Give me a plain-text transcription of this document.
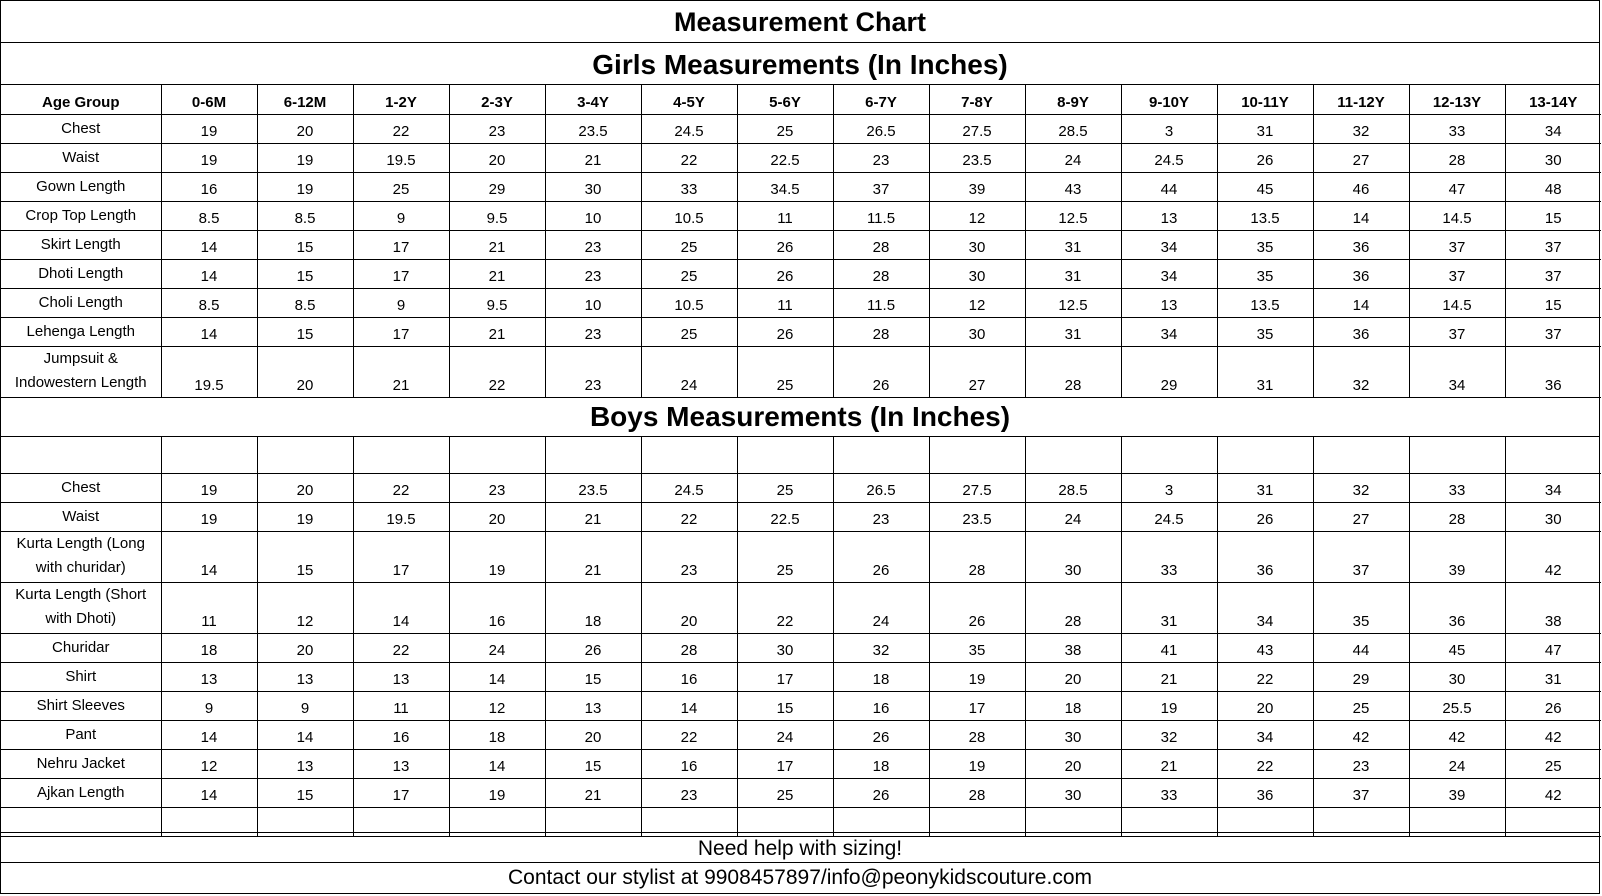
Measurement Chart
Girls Measurements (In Inches)
Age Group	0-6M	6-12M	1-2Y	2-3Y	3-4Y	4-5Y	5-6Y	6-7Y	7-8Y	8-9Y	9-10Y	10-11Y	11-12Y	12-13Y	13-14Y
Chest	19	20	22	23	23.5	24.5	25	26.5	27.5	28.5	3	31	32	33	34
Waist	19	19	19.5	20	21	22	22.5	23	23.5	24	24.5	26	27	28	30
Gown Length	16	19	25	29	30	33	34.5	37	39	43	44	45	46	47	48
Crop Top Length	8.5	8.5	9	9.5	10	10.5	11	11.5	12	12.5	13	13.5	14	14.5	15
Skirt Length	14	15	17	21	23	25	26	28	30	31	34	35	36	37	37
Dhoti Length	14	15	17	21	23	25	26	28	30	31	34	35	36	37	37
Choli Length	8.5	8.5	9	9.5	10	10.5	11	11.5	12	12.5	13	13.5	14	14.5	15
Lehenga Length	14	15	17	21	23	25	26	28	30	31	34	35	36	37	37
Jumpsuit & Indowestern Length	19.5	20	21	22	23	24	25	26	27	28	29	31	32	34	36
Boys Measurements (In Inches)

Chest	19	20	22	23	23.5	24.5	25	26.5	27.5	28.5	3	31	32	33	34
Waist	19	19	19.5	20	21	22	22.5	23	23.5	24	24.5	26	27	28	30
Kurta Length (Long with churidar)	14	15	17	19	21	23	25	26	28	30	33	36	37	39	42
Kurta Length (Short with Dhoti)	11	12	14	16	18	20	22	24	26	28	31	34	35	36	38
Churidar	18	20	22	24	26	28	30	32	35	38	41	43	44	45	47
Shirt	13	13	13	14	15	16	17	18	19	20	21	22	29	30	31
Shirt Sleeves	9	9	11	12	13	14	15	16	17	18	19	20	25	25.5	26
Pant	14	14	16	18	20	22	24	26	28	30	32	34	42	42	42
Nehru Jacket	12	13	13	14	15	16	17	18	19	20	21	22	23	24	25
Ajkan Length	14	15	17	19	21	23	25	26	28	30	33	36	37	39	42

Need help with sizing!
Contact our stylist at 9908457897/info@peonykidscouture.com
